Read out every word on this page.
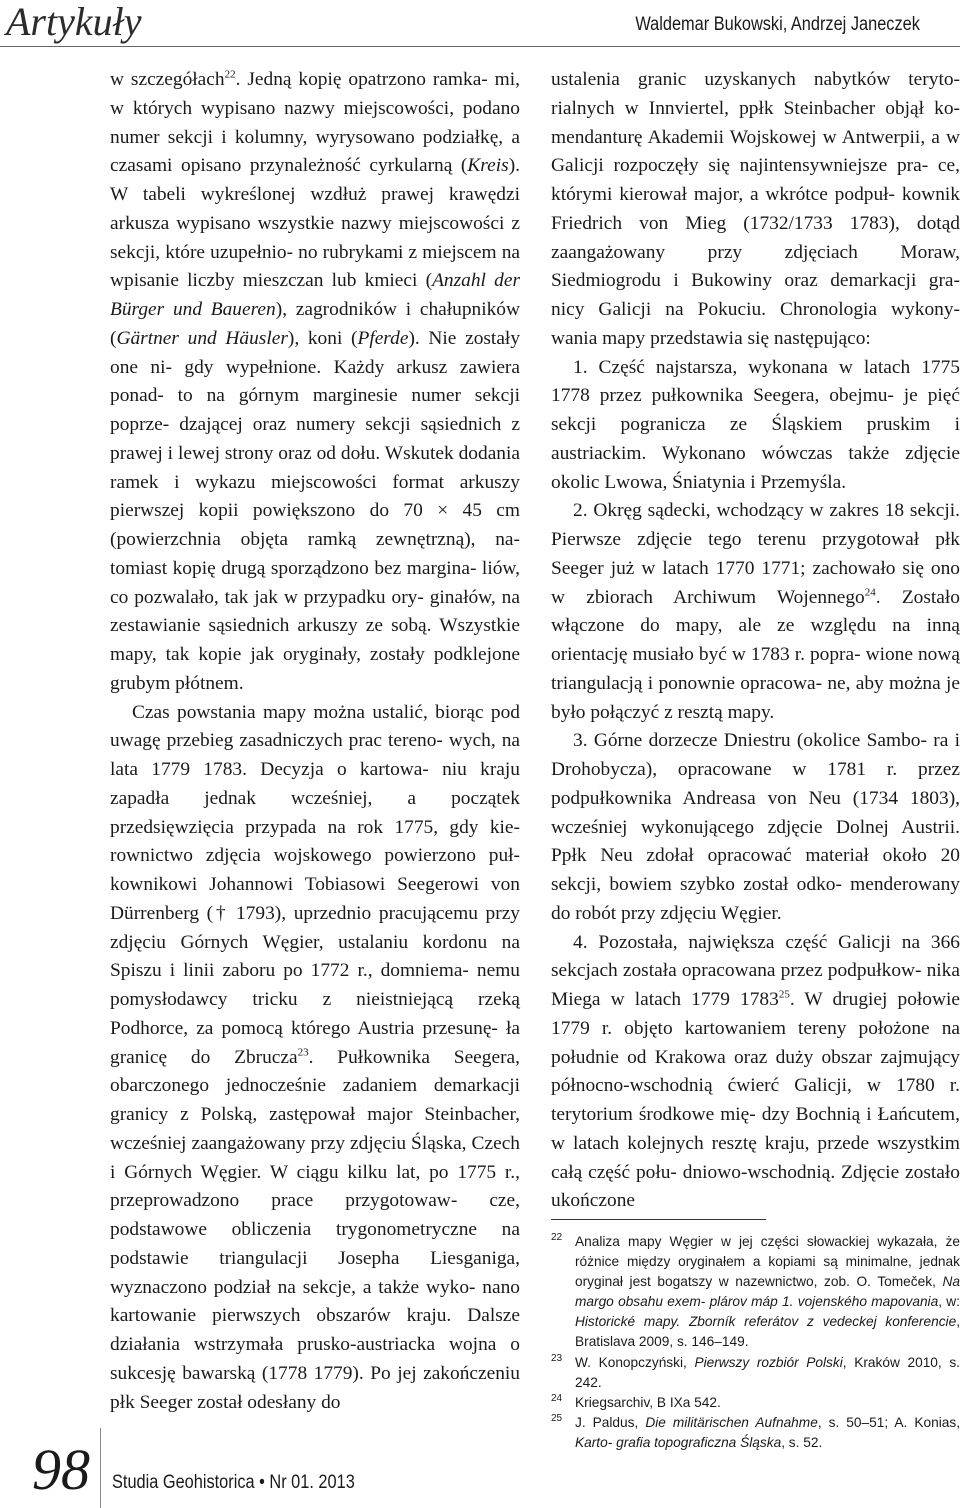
Artykuły	Waldemar Bukowski, Andrzej Janeczek

w szczegółach$^{22}$. Jedną kopię opatrzono ramka- mi, w których wypisano nazwy miejscowości, podano numer sekcji i kolumny, wyrysowano podziałkę, a czasami opisano przynależność cyrkularną (Kreis). W tabeli wykreślonej wzdłuż prawej krawędzi arkusza wypisano wszystkie nazwy miejscowości z sekcji, które uzupełnio- no rubrykami z miejscem na wpisanie liczby mieszczan lub kmieci (Anzahl der Bürger und Baueren), zagrodników i chałupników (Gärtner und Häusler), koni (Pferde). Nie zostały one ni- gdy wypełnione. Każdy arkusz zawiera ponad- to na górnym marginesie numer sekcji poprze- dzającej oraz numery sekcji sąsiednich z prawej i lewej strony oraz od dołu. Wskutek dodania ramek i wykazu miejscowości format arkuszy pierwszej kopii powiększono do 70 × 45 cm (powierzchnia objęta ramką zewnętrzną), na- tomiast kopię drugą sporządzono bez margina- liów, co pozwalało, tak jak w przypadku ory- ginałów, na zestawianie sąsiednich arkuszy ze sobą. Wszystkie mapy, tak kopie jak oryginały, zostały podklejone grubym płótnem.

Czas powstania mapy można ustalić, biorąc pod uwagę przebieg zasadniczych prac tereno- wych, na lata 1779 1783. Decyzja o kartowa- niu kraju zapadła jednak wcześniej, a początek przedsięwzięcia przypada na rok 1775, gdy kie- rownictwo zdjęcia wojskowego powierzono puł- kownikowi Johannowi Tobiasowi Seegerowi von Dürrenberg († 1793), uprzednio pracującemu przy zdjęciu Górnych Węgier, ustalaniu kordonu na Spiszu i linii zaboru po 1772 r., domniema- nemu pomysłodawcy tricku z nieistniejącą rzeką Podhorce, za pomocą którego Austria przesunę- ła granicę do Zbrucza$^{23}$. Pułkownika Seegera, obarczonego jednocześnie zadaniem demarkacji granicy z Polską, zastępował major Steinbacher, wcześniej zaangażowany przy zdjęciu Śląska, Czech i Górnych Węgier. W ciągu kilku lat, po 1775 r., przeprowadzono prace przygotowaw- cze, podstawowe obliczenia trygonometryczne na podstawie triangulacji Josepha Liesganiga, wyznaczono podział na sekcje, a także wyko- nano kartowanie pierwszych obszarów kraju. Dalsze działania wstrzymała prusko-austriacka wojna o sukcesję bawarską (1778 1779). Po jej zakończeniu płk Seeger został odesłany do

ustalenia granic uzyskanych nabytków teryto- rialnych w Innviertel, ppłk Steinbacher objął ko- mendanturę Akademii Wojskowej w Antwerpii, a w Galicji rozpoczęły się najintensywniejsze pra- ce, którymi kierował major, a wkrótce podpuł- kownik Friedrich von Mieg (1732/1733 1783), dotąd zaangażowany przy zdjęciach Moraw, Siedmiogrodu i Bukowiny oraz demarkacji gra- nicy Galicji na Pokuciu. Chronologia wykony- wania mapy przedstawia się następująco:

1. Część najstarsza, wykonana w latach 1775 1778 przez pułkownika Seegera, obejmu- je pięć sekcji pogranicza ze Śląskiem pruskim i austriackim. Wykonano wówczas także zdjęcie okolic Lwowa, Śniatynia i Przemyśla.

2. Okręg sądecki, wchodzący w zakres 18 sekcji. Pierwsze zdjęcie tego terenu przygotował płk Seeger już w latach 1770 1771; zachowało się ono w zbiorach Archiwum Wojennego$^{24}$. Zostało włączone do mapy, ale ze względu na inną orientację musiało być w 1783 r. popra- wione nową triangulacją i ponownie opracowa- ne, aby można je było połączyć z resztą mapy.

3. Górne dorzecze Dniestru (okolice Sambo- ra i Drohobycza), opracowane w 1781 r. przez podpułkownika Andreasa von Neu (1734 1803), wcześniej wykonującego zdjęcie Dolnej Austrii. Ppłk Neu zdołał opracować materiał około 20 sekcji, bowiem szybko został odko- menderowany do robót przy zdjęciu Węgier.

4. Pozostała, największa część Galicji na 366 sekcjach została opracowana przez podpułkow- nika Miega w latach 1779 1783$^{25}$. W drugiej połowie 1779 r. objęto kartowaniem tereny położone na południe od Krakowa oraz duży obszar zajmujący północno-wschodnią ćwierć Galicji, w 1780 r. terytorium środkowe mię- dzy Bochnią i Łańcutem, w latach kolejnych resztę kraju, przede wszystkim całą część połu- dniowo-wschodnią. Zdjęcie zostało ukończone

22 Analiza mapy Węgier w jej części słowackiej wykazała, że różnice między oryginałem a kopiami są minimalne, jednak oryginał jest bogatszy w nazewnictwo, zob. O. Tomeček, Na margo obsahu exem- plárov máp 1. vojenského mapovania, w: Historické mapy. Zborník referátov z vedeckej konferencie, Bratislava 2009, s. 146–149.
23 W. Konopczyński, Pierwszy rozbiór Polski, Kraków 2010, s. 242.
24 Kriegsarchiv, B IXa 542.
25 J. Paldus, Die militärischen Aufnahme, s. 50–51; A. Konias, Karto- grafia topograficzna Śląska, s. 52.
98 Studia Geohistorica • Nr 01. 2013
